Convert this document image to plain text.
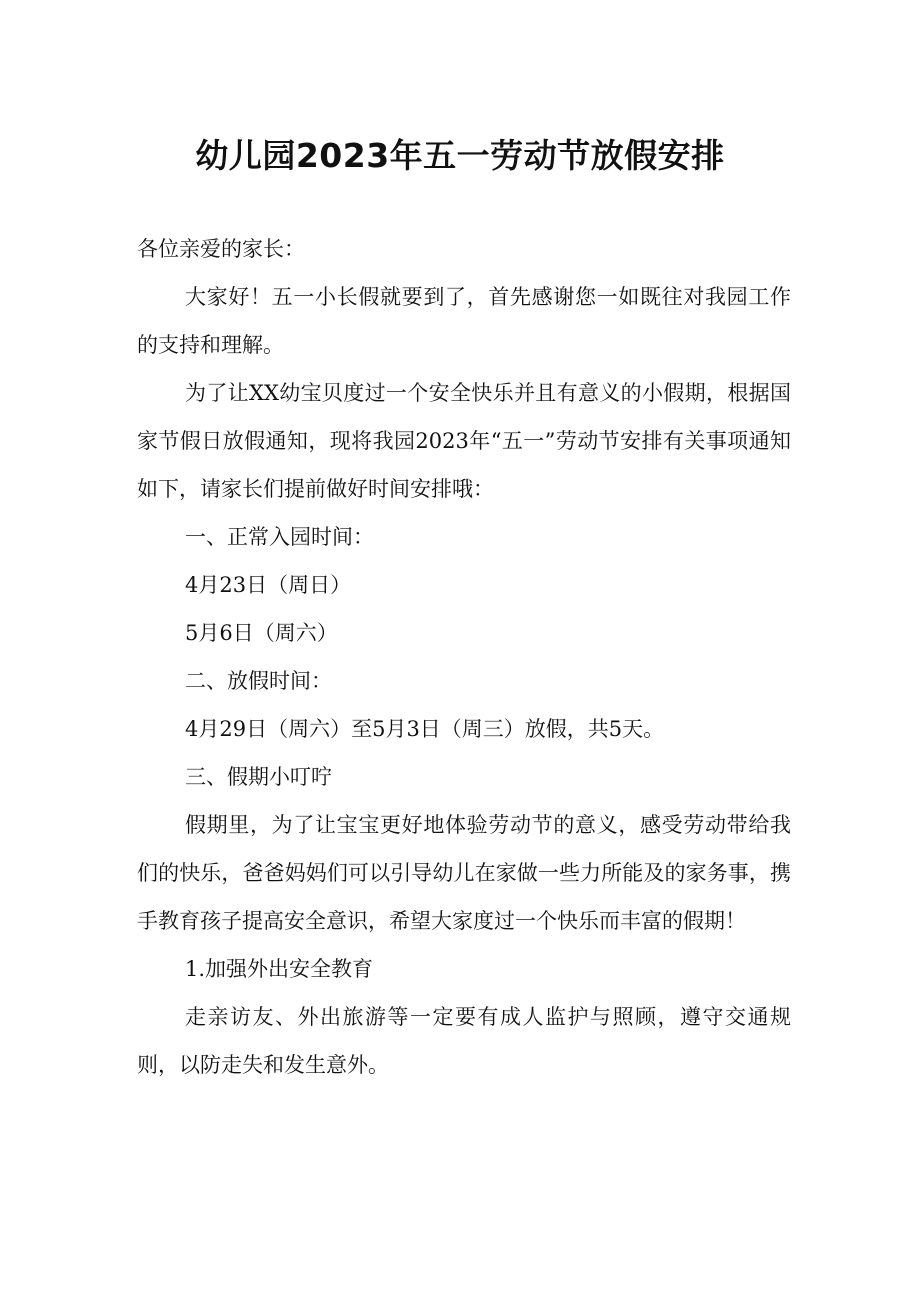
幼儿园2023年五一劳动节放假安排

各位亲爱的家长：

大家好！五一小长假就要到了，首先感谢您一如既往对我园工作的支持和理解。

为了让XX幼宝贝度过一个安全快乐并且有意义的小假期，根据国家节假日放假通知，现将我园2023年“五一”劳动节安排有关事项通知如下，请家长们提前做好时间安排哦：

一、正常入园时间：

4月23日（周日）

5月6日（周六）

二、放假时间：

4月29日（周六）至5月3日（周三）放假，共5天。

三、假期小叮咛

假期里，为了让宝宝更好地体验劳动节的意义，感受劳动带给我们的快乐，爸爸妈妈们可以引导幼儿在家做一些力所能及的家务事，携手教育孩子提高安全意识，希望大家度过一个快乐而丰富的假期！

1.加强外出安全教育

走亲访友、外出旅游等一定要有成人监护与照顾，遵守交通规则，以防走失和发生意外。
